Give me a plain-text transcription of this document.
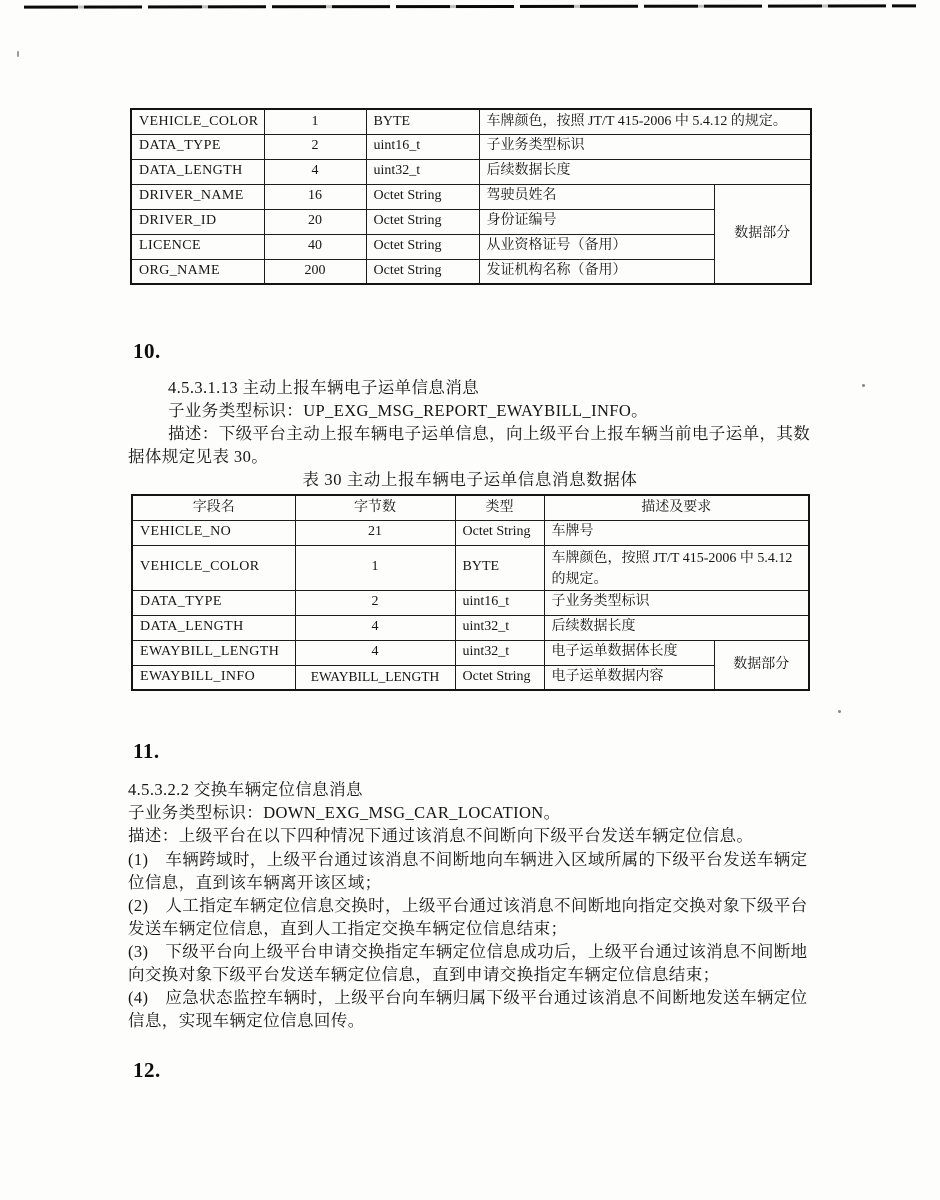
VEHICLE_COLOR	1	BYTE	车牌颜色，按照 JT/T 415-2006 中 5.4.12 的规定。	
DATA_TYPE	2	uint16_t	子业务类型标识	
DATA_LENGTH	4	uint32_t	后续数据长度	
DRIVER_NAME	16	Octet String	驾驶员姓名	数据部分
DRIVER_ID	20	Octet String	身份证编号	
LICENCE	40	Octet String	从业资格证号（备用）	
ORG_NAME	200	Octet String	发证机构名称（备用）	
10.
4.5.3.1.13 主动上报车辆电子运单信息消息
子业务类型标识：UP_EXG_MSG_REPORT_EWAYBILL_INFO。
描述：下级平台主动上报车辆电子运单信息，向上级平台上报车辆当前电子运单，其数
据体规定见表 30。
表 30 主动上报车辆电子运单信息消息数据体
字段名	字节数	类型	描述及要求	
VEHICLE_NO	21	Octet String	车牌号	
VEHICLE_COLOR	1	BYTE	车牌颜色，按照 JT/T 415-2006 中 5.4.12 的规定。	
DATA_TYPE	2	uint16_t	子业务类型标识	
DATA_LENGTH	4	uint32_t	后续数据长度	
EWAYBILL_LENGTH	4	uint32_t	电子运单数据体长度	数据部分
EWAYBILL_INFO	EWAYBILL_LENGTH	Octet String	电子运单数据内容	
11.
4.5.3.2.2 交换车辆定位信息消息
子业务类型标识：DOWN_EXG_MSG_CAR_LOCATION。
描述：上级平台在以下四种情况下通过该消息不间断向下级平台发送车辆定位信息。
(1)　车辆跨域时，上级平台通过该消息不间断地向车辆进入区域所属的下级平台发送车辆定
位信息，直到该车辆离开该区域；
(2)　人工指定车辆定位信息交换时，上级平台通过该消息不间断地向指定交换对象下级平台
发送车辆定位信息，直到人工指定交换车辆定位信息结束；
(3)　下级平台向上级平台申请交换指定车辆定位信息成功后，上级平台通过该消息不间断地
向交换对象下级平台发送车辆定位信息，直到申请交换指定车辆定位信息结束；
(4)　应急状态监控车辆时，上级平台向车辆归属下级平台通过该消息不间断地发送车辆定位
信息，实现车辆定位信息回传。
12.
